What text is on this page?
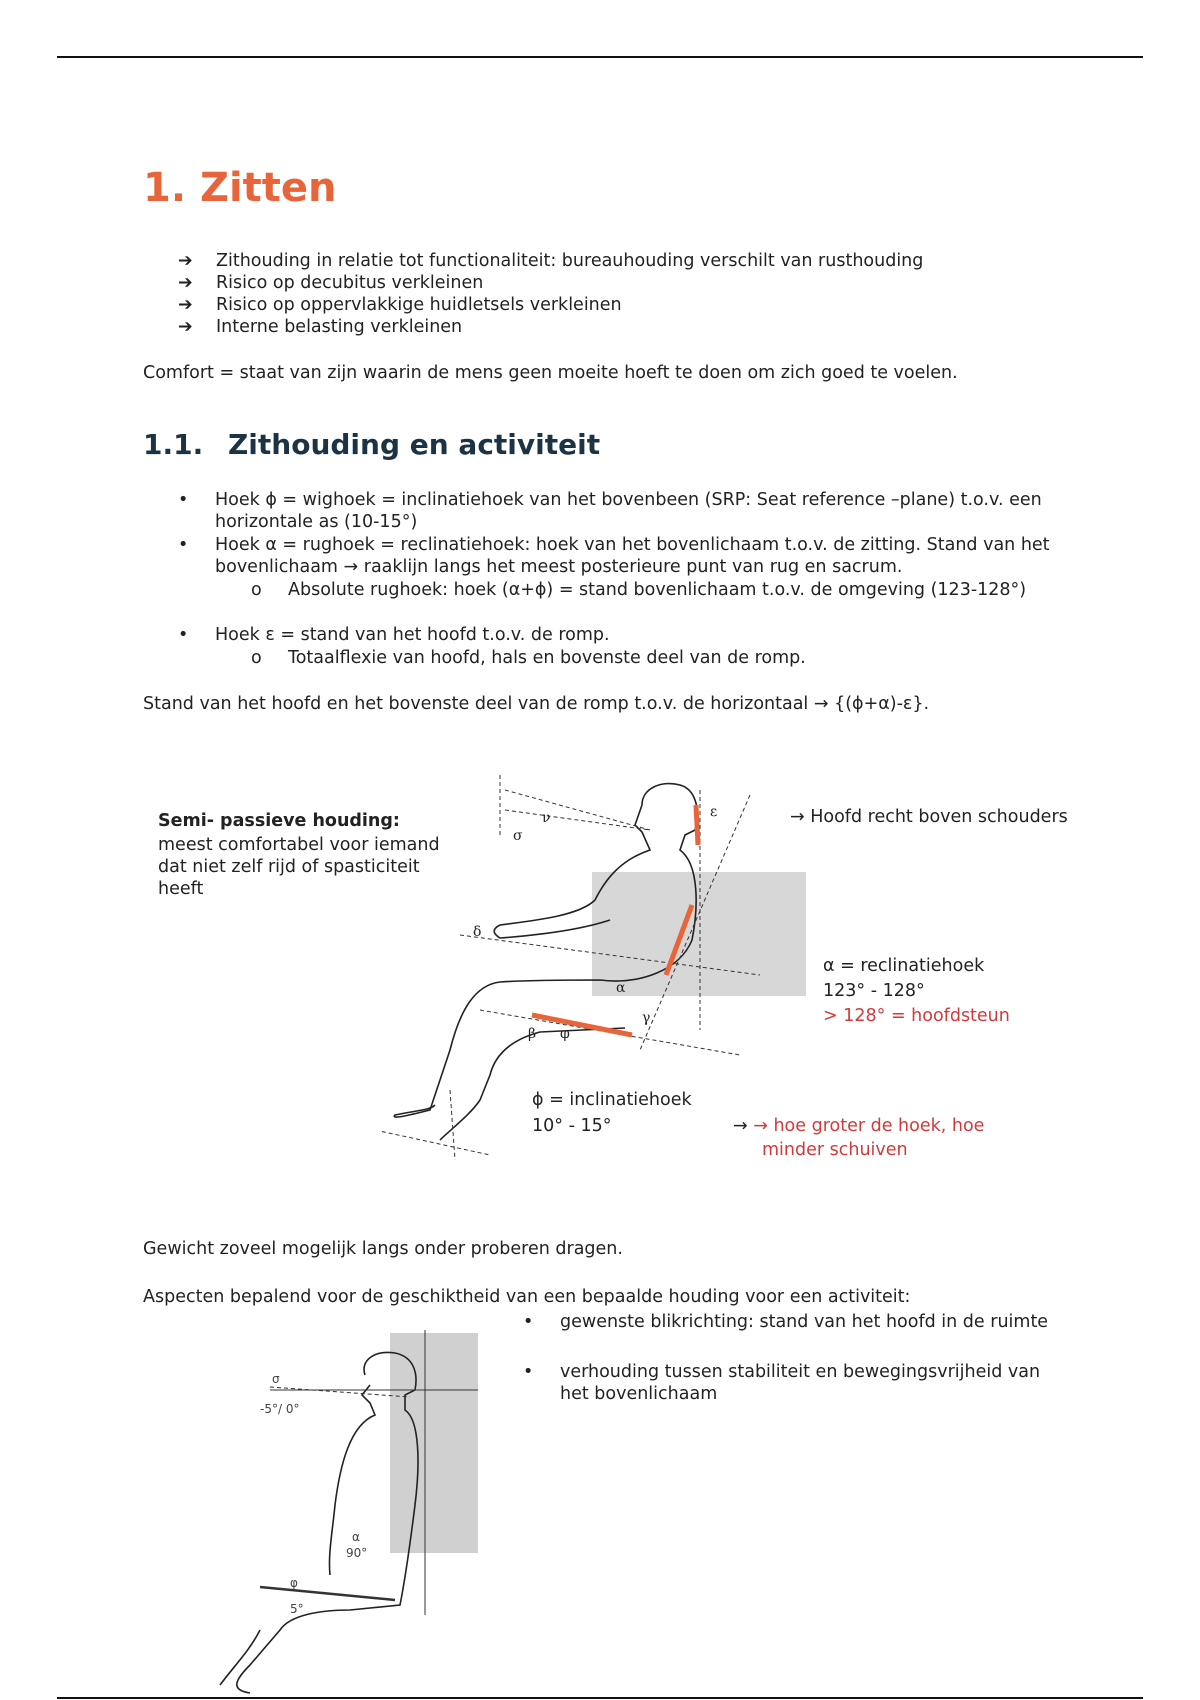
1. Zitten
➔ Zithouding in relatie tot functionaliteit: bureauhouding verschilt van rusthouding
➔ Risico op decubitus verkleinen
➔ Risico op oppervlakkige huidletsels verkleinen
➔ Interne belasting verkleinen
Comfort = staat van zijn waarin de mens geen moeite hoeft te doen om zich goed te voelen.
1.1. Zithouding en activiteit
• Hoek ϕ = wighoek = inclinatiehoek van het bovenbeen (SRP: Seat reference –plane) t.o.v. een horizontale as (10-15°)
• Hoek α = rughoek = reclinatiehoek: hoek van het bovenlichaam t.o.v. de zitting. Stand van het bovenlichaam → raaklijn langs het meest posterieure punt van rug en sacrum.
o Absolute rughoek: hoek (α+ϕ) = stand bovenlichaam t.o.v. de omgeving (123-128°)
• Hoek ε = stand van het hoofd t.o.v. de romp.
o Totaalflexie van hoofd, hals en bovenste deel van de romp.
Stand van het hoofd en het bovenste deel van de romp t.o.v. de horizontaal → {(ϕ+α)-ε}.
Semi- passieve houding:
meest comfortabel voor iemand dat niet zelf rijd of spasticiteit heeft
σ
ν	ε
δ
α
β φ
γ
→ Hoofd recht boven schouders
α = reclinatiehoek
123° - 128°
> 128° = hoofdsteun
ϕ = inclinatiehoek
10° - 15°	→ → hoe groter de hoek, hoe
minder schuiven
Gewicht zoveel mogelijk langs onder proberen dragen.
Aspecten bepalend voor de geschiktheid van een bepaalde houding voor een activiteit:
• gewenste blikrichting: stand van het hoofd in de ruimte
• verhouding tussen stabiliteit en bewegingsvrijheid van het bovenlichaam
σ
-5°/ 0°
α
90°
φ
5°
